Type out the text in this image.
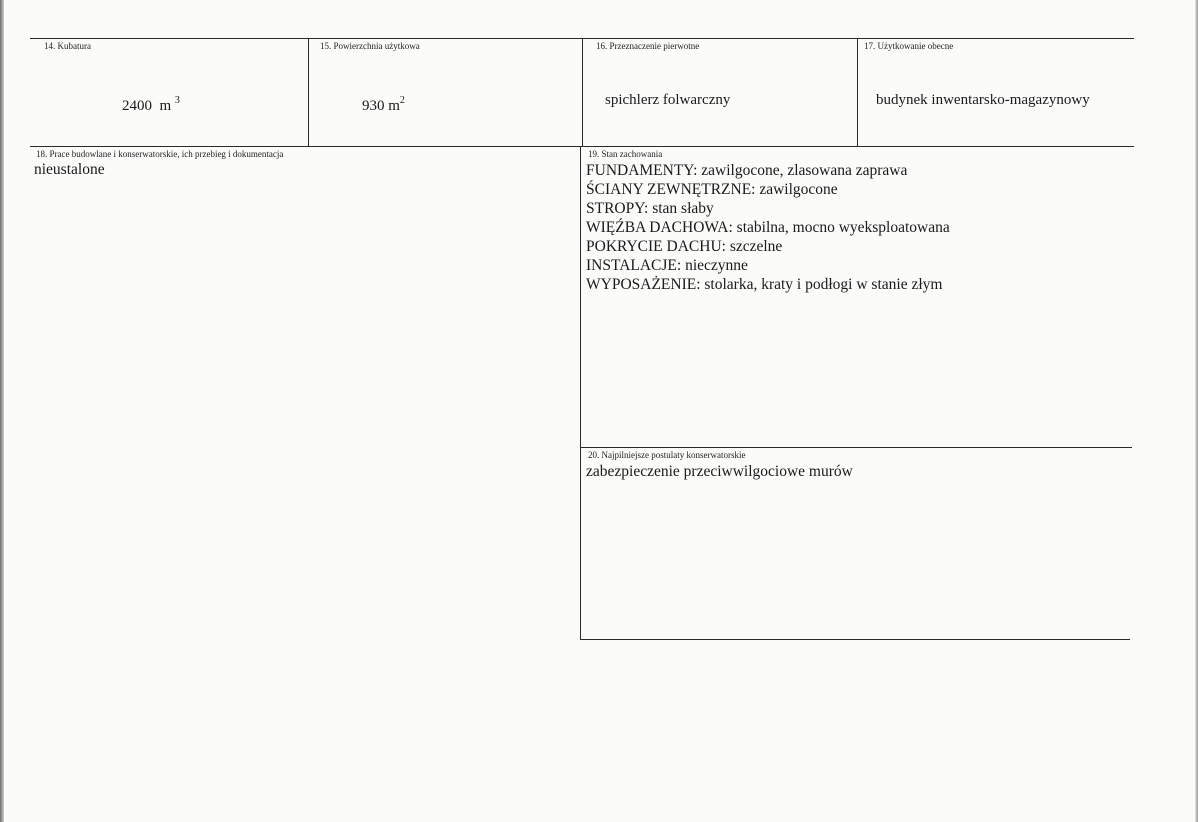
14. Kubatura
2400 m $^3$
15. Powierzchnia użytkowa
930 $m^2$
16. Przeznaczenie pierwotne
spichlerz folwarczny
17. Użytkowanie obecne
budynek inwentarsko-magazynowy
18. Prace budowlane i konserwatorskie, ich przebieg i dokumentacja
nieustalone
19. Stan zachowania
FUNDAMENTY: zawilgocone, zlasowana zaprawa
ŚCIANY ZEWNĘTRZNE: zawilgocone
STROPY: stan słaby
WIĘŹBA DACHOWA: stabilna, mocno wyeksploatowana
POKRYCIE DACHU: szczelne
INSTALACJE: nieczynne
WYPOSAŻENIE: stolarka, kraty i podłogi w stanie złym
20. Najpilniejsze postulaty konserwatorskie
zabezpieczenie przeciwwilgociowe murów
